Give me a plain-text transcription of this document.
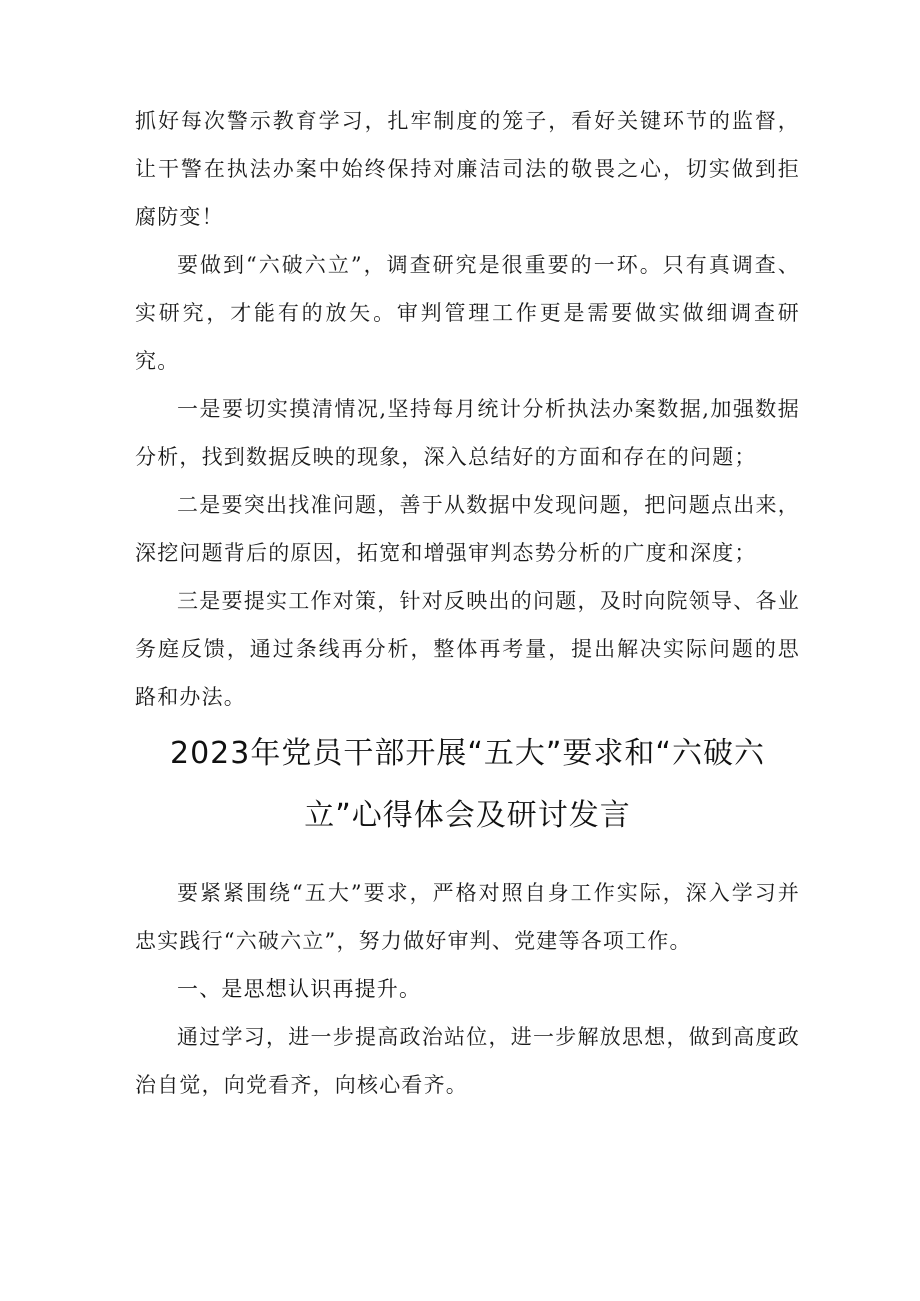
抓好每次警示教育学习，扎牢制度的笼子，看好关键环节的监督，让干警在执法办案中始终保持对廉洁司法的敬畏之心，切实做到拒腐防变！

要做到“六破六立”，调查研究是很重要的一环。只有真调查、实研究，才能有的放矢。审判管理工作更是需要做实做细调查研究。

一是要切实摸清情况,坚持每月统计分析执法办案数据,加强数据分析，找到数据反映的现象，深入总结好的方面和存在的问题；

二是要突出找准问题，善于从数据中发现问题，把问题点出来，深挖问题背后的原因，拓宽和增强审判态势分析的广度和深度；

三是要提实工作对策，针对反映出的问题，及时向院领导、各业务庭反馈，通过条线再分析，整体再考量，提出解决实际问题的思路和办法。

2023年党员干部开展“五大”要求和“六破六
立”心得体会及研讨发言

要紧紧围绕“五大”要求，严格对照自身工作实际，深入学习并忠实践行“六破六立”，努力做好审判、党建等各项工作。

一、是思想认识再提升。

通过学习，进一步提高政治站位，进一步解放思想，做到高度政治自觉，向党看齐，向核心看齐。
